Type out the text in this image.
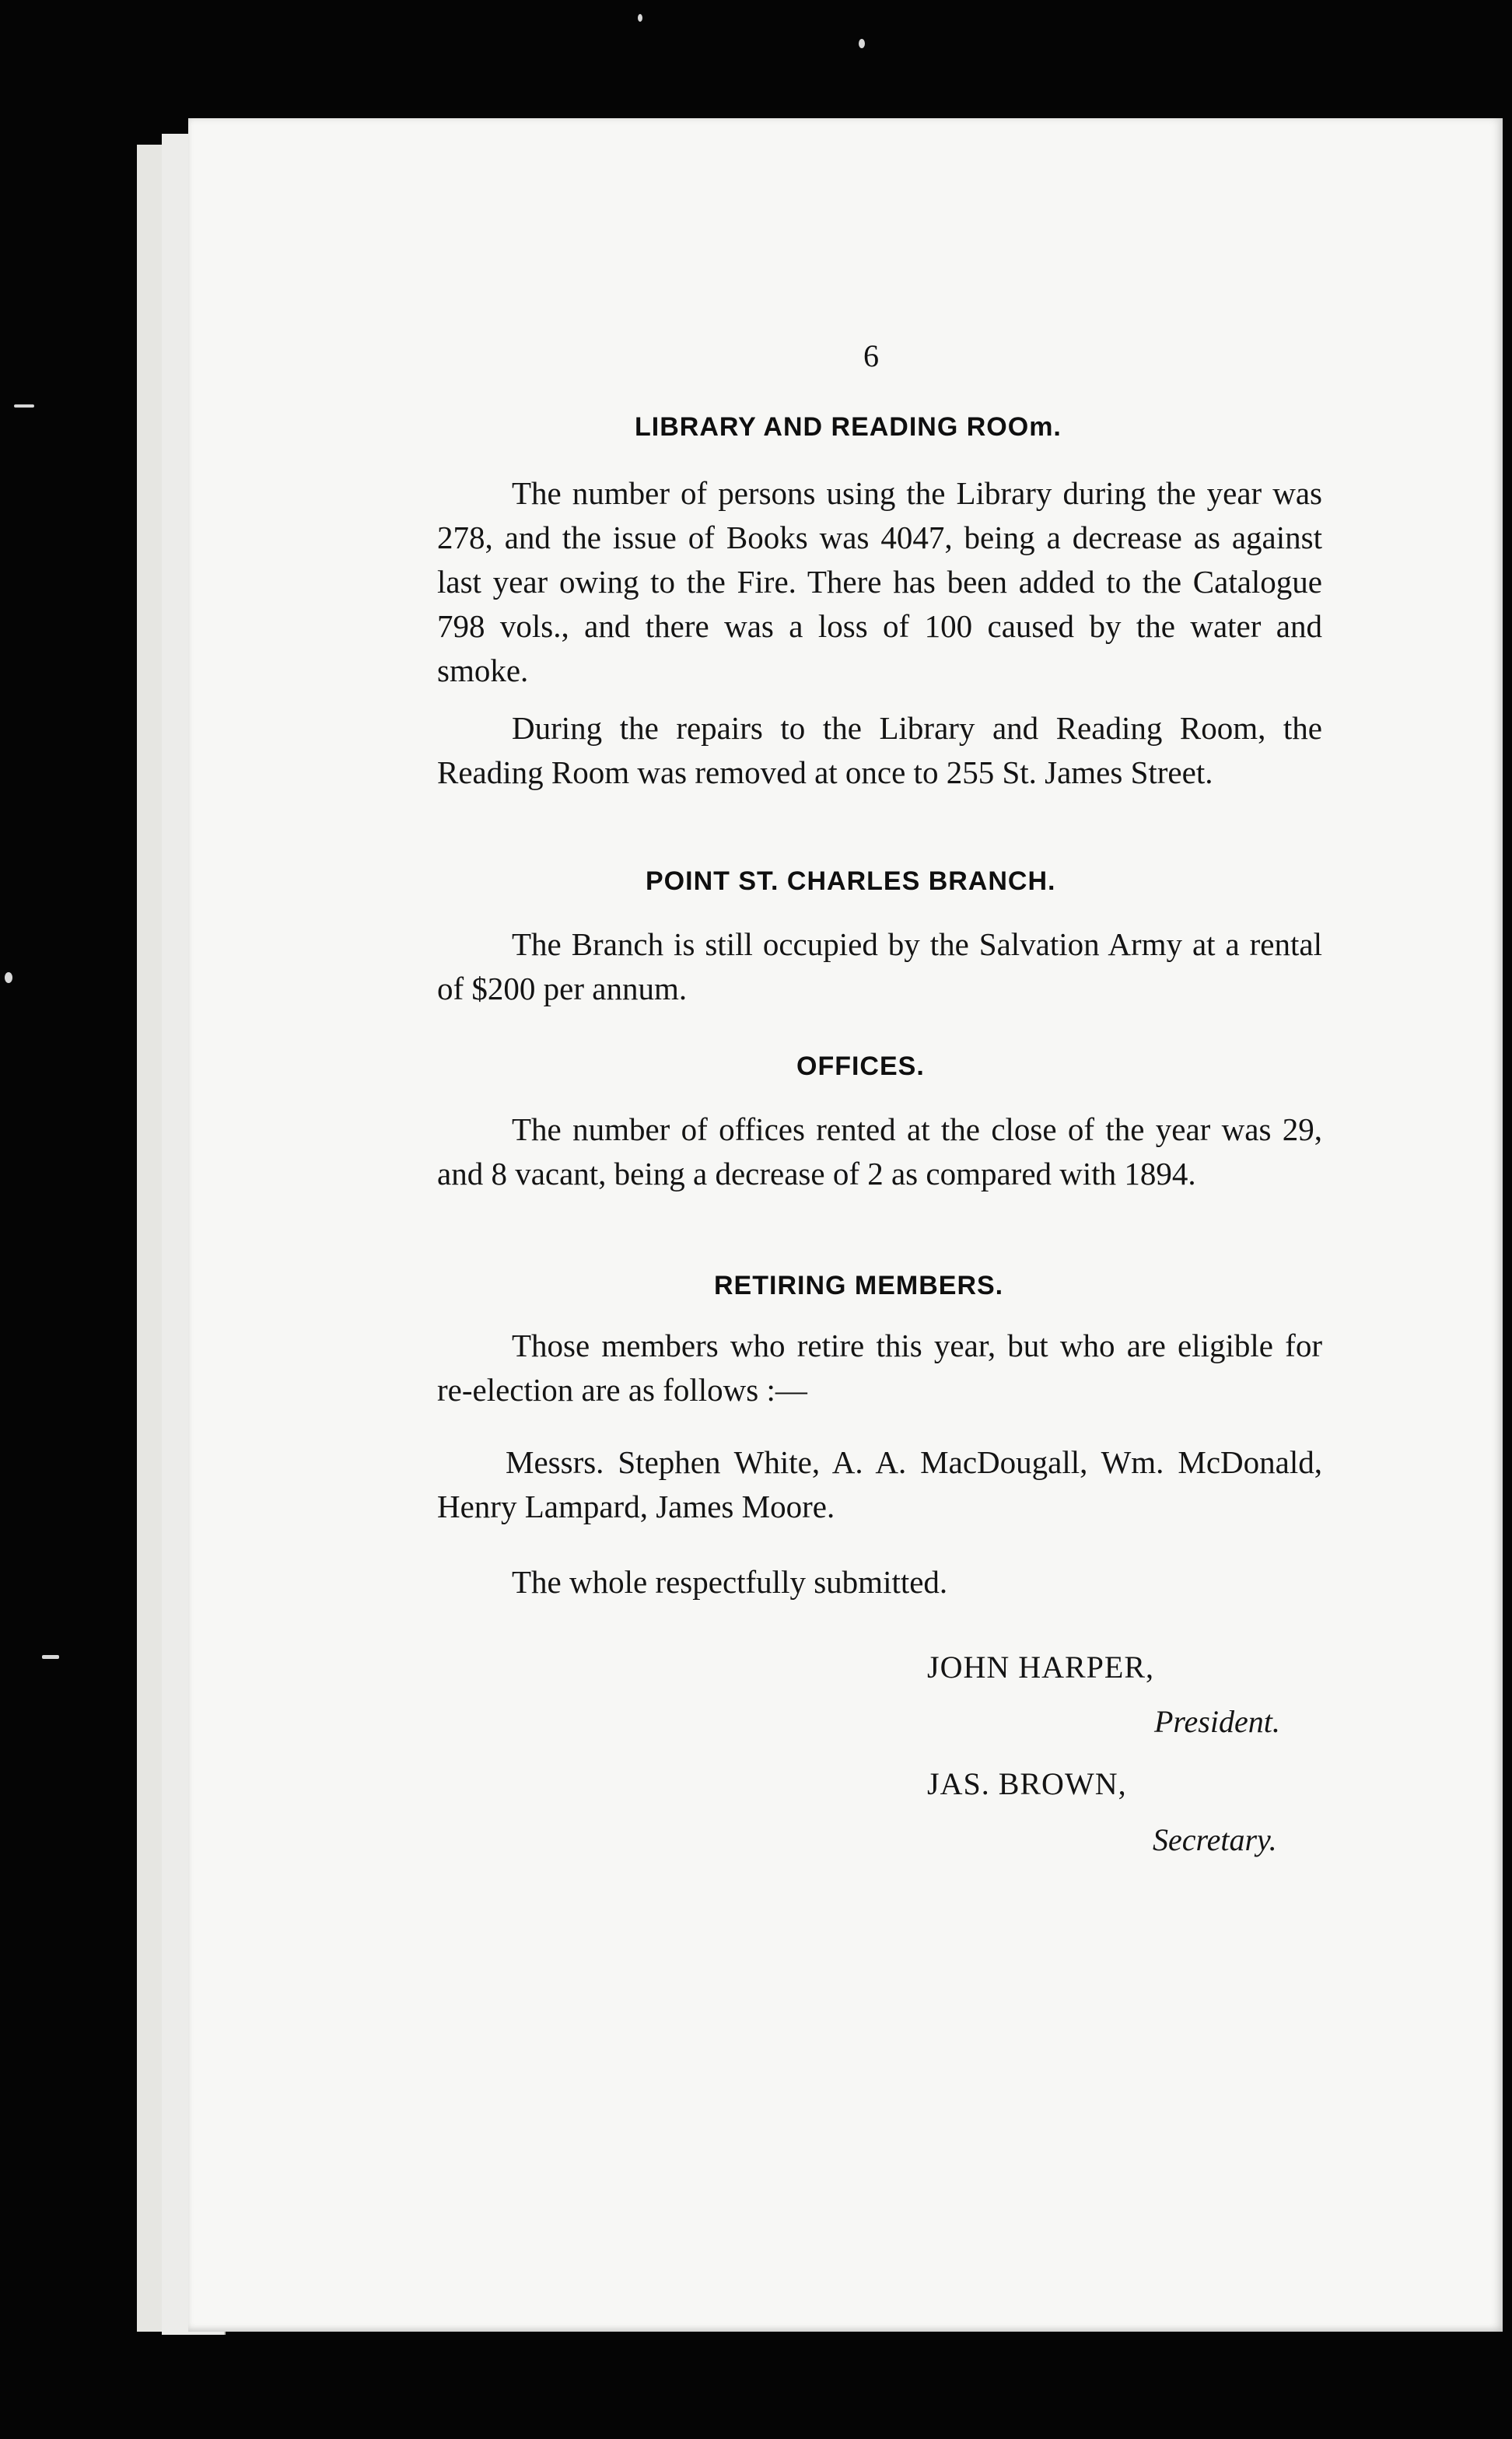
6
LIBRARY AND READING ROOm.
The number of persons using the Library during the year was 278, and the issue of Books was 4047, being a decrease as against last year owing to the Fire. There has been added to the Catalogue 798 vols., and there was a loss of 100 caused by the water and smoke.
During the repairs to the Library and Reading Room, the Reading Room was removed at once to 255 St. James Street.
POINT ST. CHARLES BRANCH.
The Branch is still occupied by the Salvation Army at a rental of $200 per annum.
OFFICES.
The number of offices rented at the close of the year was 29, and 8 vacant, being a decrease of 2 as compared with 1894.
RETIRING MEMBERS.
Those members who retire this year, but who are eligible for re-election are as follows :—
Messrs. Stephen White, A. A. MacDougall, Wm. McDonald, Henry Lampard, James Moore.
The whole respectfully submitted.
JOHN HARPER,
President.
JAS. BROWN,
Secretary.
